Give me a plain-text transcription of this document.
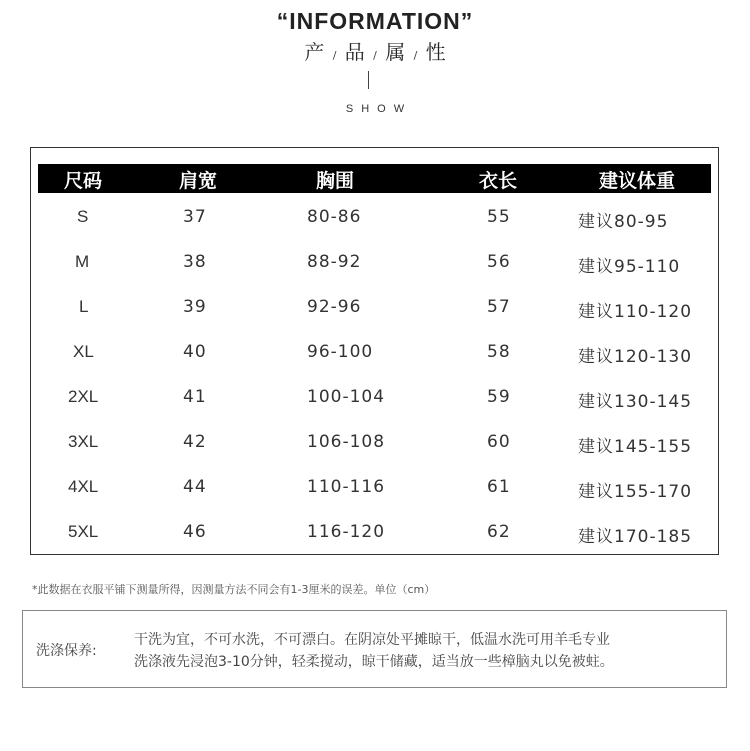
“INFORMATION”
产 / 品 / 属 / 性
SHOW
尺码	肩宽	胸围	衣长	建议体重
S	37	80-86	55	建议80-95
M	38	88-92	56	建议95-110
L	39	92-96	57	建议110-120
XL	40	96-100	58	建议120-130
2XL	41	100-104	59	建议130-145
3XL	42	106-108	60	建议145-155
4XL	44	110-116	61	建议155-170
5XL	46	116-120	62	建议170-185
*此数据在衣服平铺下测量所得，因测量方法不同会有1-3厘米的误差。单位（cm）
洗涤保养:
干洗为宜，不可水洗，不可漂白。在阴凉处平摊晾干，低温水洗可用羊毛专业
洗涤液先浸泡3-10分钟，轻柔搅动，晾干储藏，适当放一些樟脑丸以免被蛀。
